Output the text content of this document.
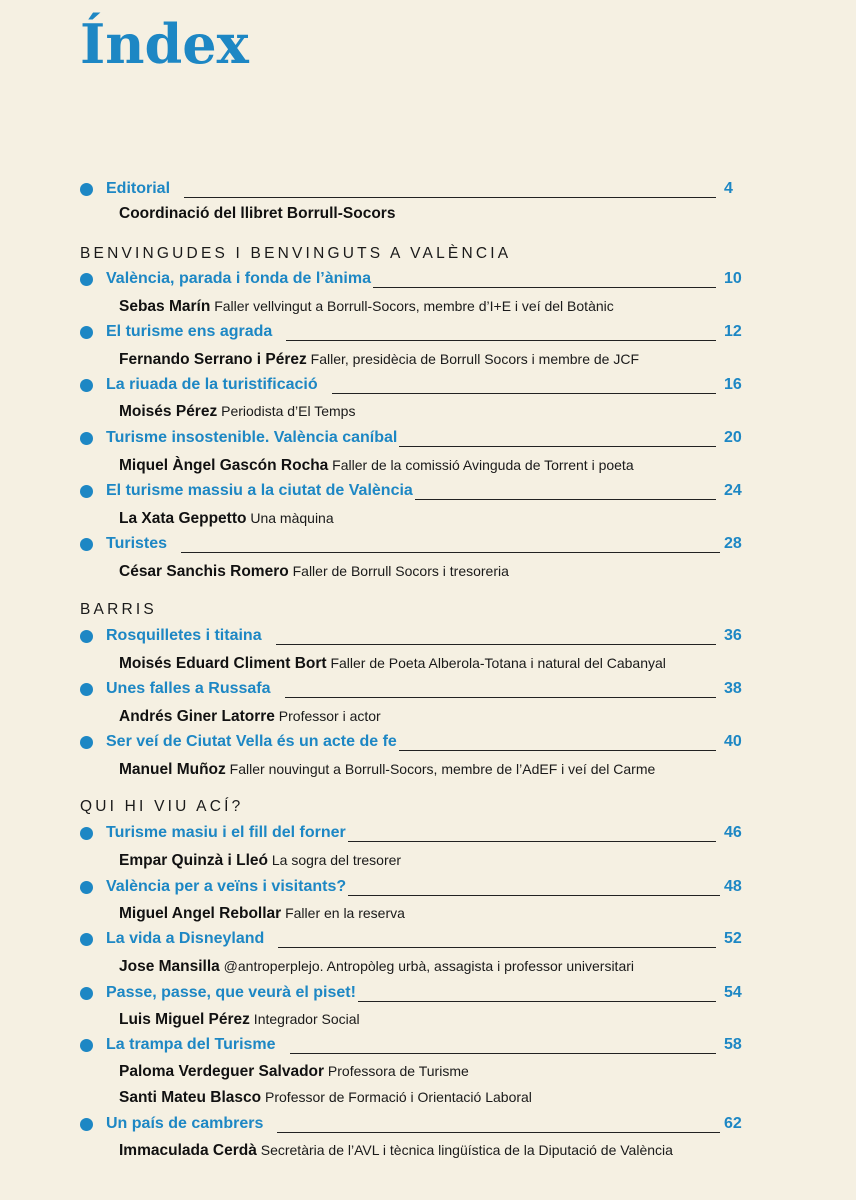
Índex
Editorial	4
Coordinació del llibret Borrull-Socors
BENVINGUDES I BENVINGUTS A VALÈNCIA
València, parada i fonda de l’ànima	10
Sebas Marín Faller vellvingut a Borrull-Socors, membre d’I+E i veí del Botànic
El turisme ens agrada	12
Fernando Serrano i Pérez Faller, presidècia de Borrull Socors i membre de JCF
La riuada de la turistificació	16
Moisés Pérez Periodista d’El Temps
Turisme insostenible. València caníbal	20
Miquel Àngel Gascón Rocha Faller de la comissió Avinguda de Torrent i poeta
El turisme massiu a la ciutat de València	24
La Xata Geppetto Una màquina
Turistes	28
César Sanchis Romero Faller de Borrull Socors i tresoreria
BARRIS
Rosquilletes i titaina	36
Moisés Eduard Climent Bort Faller de Poeta Alberola-Totana i natural del Cabanyal
Unes falles a Russafa	38
Andrés Giner Latorre Professor i actor
Ser veí de Ciutat Vella és un acte de fe	40
Manuel Muñoz Faller nouvingut a Borrull-Socors, membre de l’AdEF i veí del Carme
QUI HI VIU ACÍ?
Turisme masiu i el fill del forner	46
Empar Quinzà i Lleó La sogra del tresorer
València per a veïns i visitants?	48
Miguel Angel Rebollar Faller en la reserva
La vida a Disneyland	52
Jose Mansilla @antroperplejo. Antropòleg urbà, assagista i professor universitari
Passe, passe, que veurà el piset!	54
Luis Miguel Pérez Integrador Social
La trampa del Turisme	58
Paloma Verdeguer Salvador Professora de Turisme
Santi Mateu Blasco Professor de Formació i Orientació Laboral
Un país de cambrers	62
Immaculada Cerdà Secretària de l’AVL i tècnica lingüística de la Diputació de València
